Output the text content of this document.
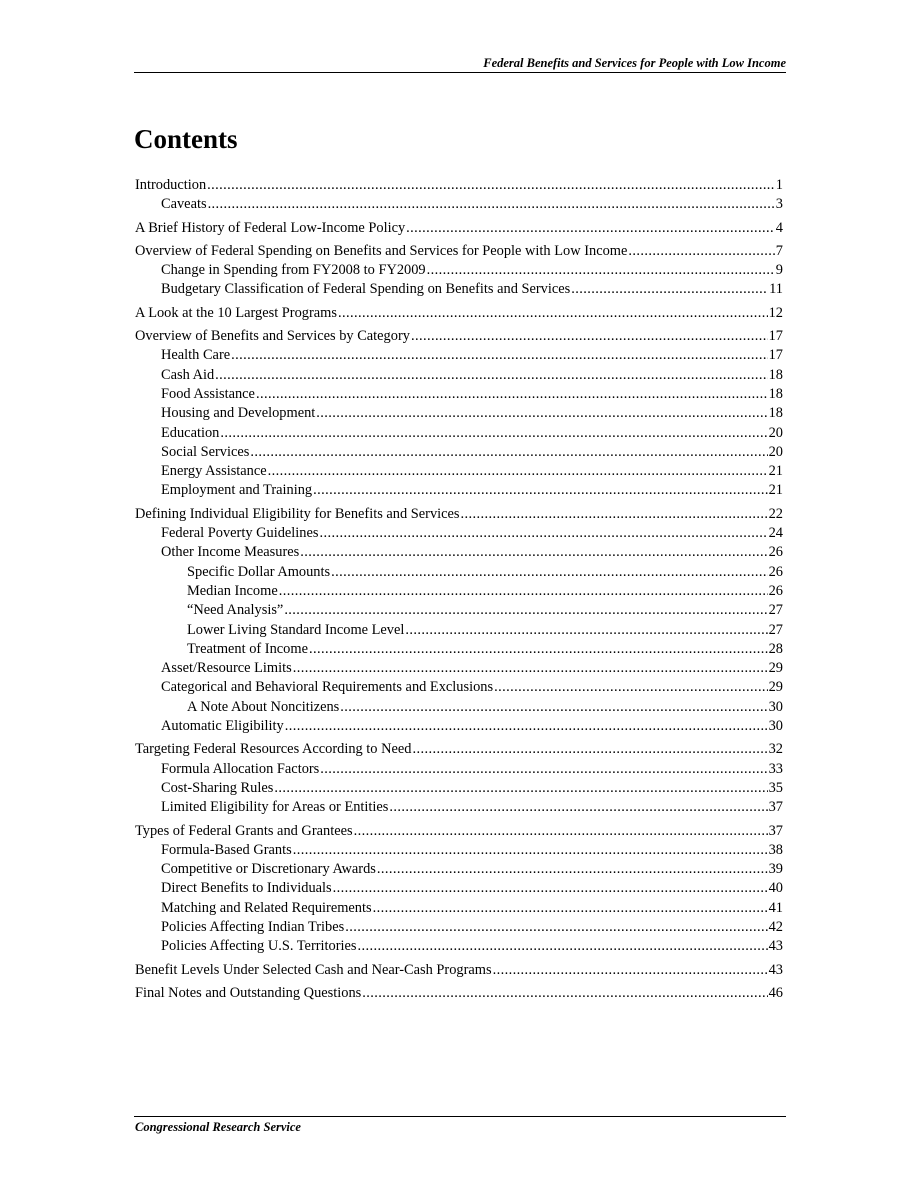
Federal Benefits and Services for People with Low Income
Contents
Introduction .....	1
Caveats .....	3
A Brief History of Federal Low-Income Policy .....	4
Overview of Federal Spending on Benefits and Services for People with Low Income .....	7
Change in Spending from FY2008 to FY2009 .....	9
Budgetary Classification of Federal Spending on Benefits and Services .....	11
A Look at the 10 Largest Programs .....	12
Overview of Benefits and Services by Category .....	17
Health Care .....	17
Cash Aid .....	18
Food Assistance .....	18
Housing and Development .....	18
Education .....	20
Social Services .....	20
Energy Assistance .....	21
Employment and Training .....	21
Defining Individual Eligibility for Benefits and Services .....	22
Federal Poverty Guidelines .....	24
Other Income Measures .....	26
Specific Dollar Amounts .....	26
Median Income .....	26
“Need Analysis” .....	27
Lower Living Standard Income Level .....	27
Treatment of Income .....	28
Asset/Resource Limits .....	29
Categorical and Behavioral Requirements and Exclusions .....	29
A Note About Noncitizens .....	30
Automatic Eligibility .....	30
Targeting Federal Resources According to Need .....	32
Formula Allocation Factors .....	33
Cost-Sharing Rules .....	35
Limited Eligibility for Areas or Entities .....	37
Types of Federal Grants and Grantees .....	37
Formula-Based Grants .....	38
Competitive or Discretionary Awards .....	39
Direct Benefits to Individuals .....	40
Matching and Related Requirements .....	41
Policies Affecting Indian Tribes .....	42
Policies Affecting U.S. Territories .....	43
Benefit Levels Under Selected Cash and Near-Cash Programs .....	43
Final Notes and Outstanding Questions .....	46
Congressional Research Service
